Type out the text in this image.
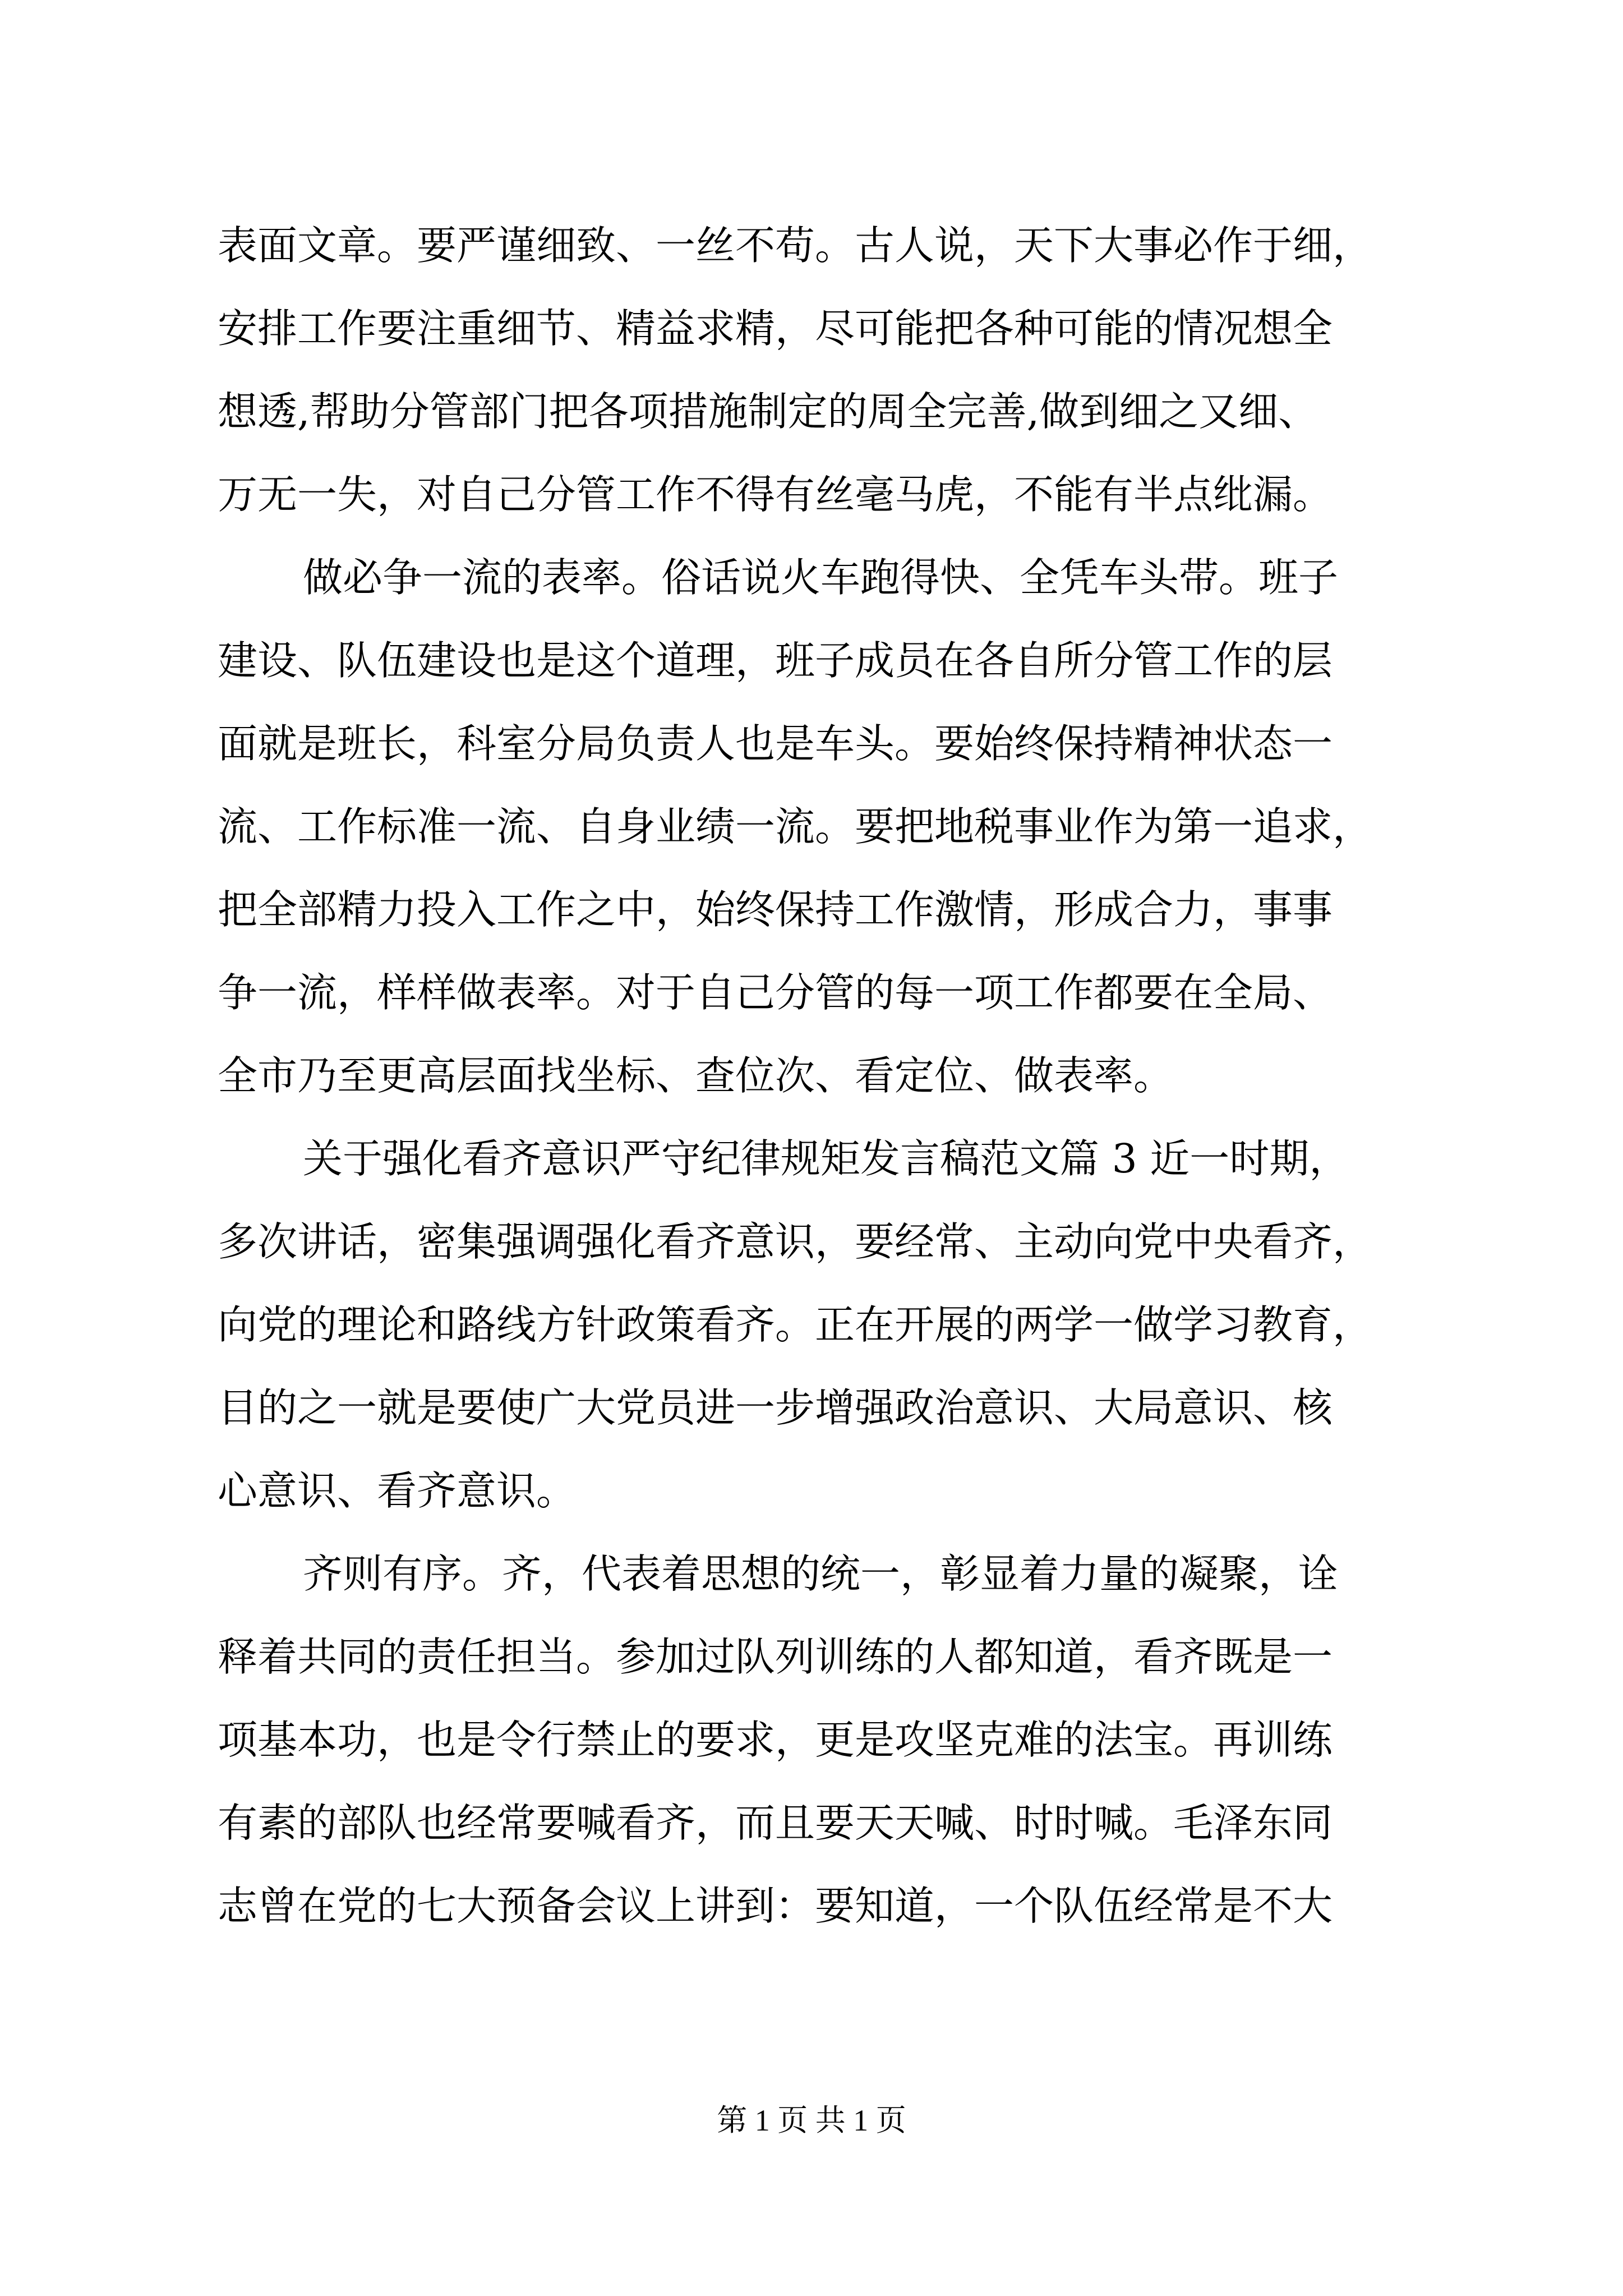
表面文章。要严谨细致、一丝不苟。古人说，天下大事必作于细，
安排工作要注重细节、精益求精，尽可能把各种可能的情况想全
想透,帮助分管部门把各项措施制定的周全完善,做到细之又细、
万无一失，对自己分管工作不得有丝毫马虎，不能有半点纰漏。
做必争一流的表率。俗话说火车跑得快、全凭车头带。班子
建设、队伍建设也是这个道理，班子成员在各自所分管工作的层
面就是班长，科室分局负责人也是车头。要始终保持精神状态一
流、工作标准一流、自身业绩一流。要把地税事业作为第一追求，
把全部精力投入工作之中，始终保持工作激情，形成合力，事事
争一流，样样做表率。对于自己分管的每一项工作都要在全局、
全市乃至更高层面找坐标、查位次、看定位、做表率。
关于强化看齐意识严守纪律规矩发言稿范文篇 3 近一时期，
多次讲话，密集强调强化看齐意识，要经常、主动向党中央看齐，
向党的理论和路线方针政策看齐。正在开展的两学一做学习教育，
目的之一就是要使广大党员进一步增强政治意识、大局意识、核
心意识、看齐意识。
齐则有序。齐，代表着思想的统一，彰显着力量的凝聚，诠
释着共同的责任担当。参加过队列训练的人都知道，看齐既是一
项基本功，也是令行禁止的要求，更是攻坚克难的法宝。再训练
有素的部队也经常要喊看齐，而且要天天喊、时时喊。毛泽东同
志曾在党的七大预备会议上讲到：要知道，一个队伍经常是不大
第 1 页 共 1 页
